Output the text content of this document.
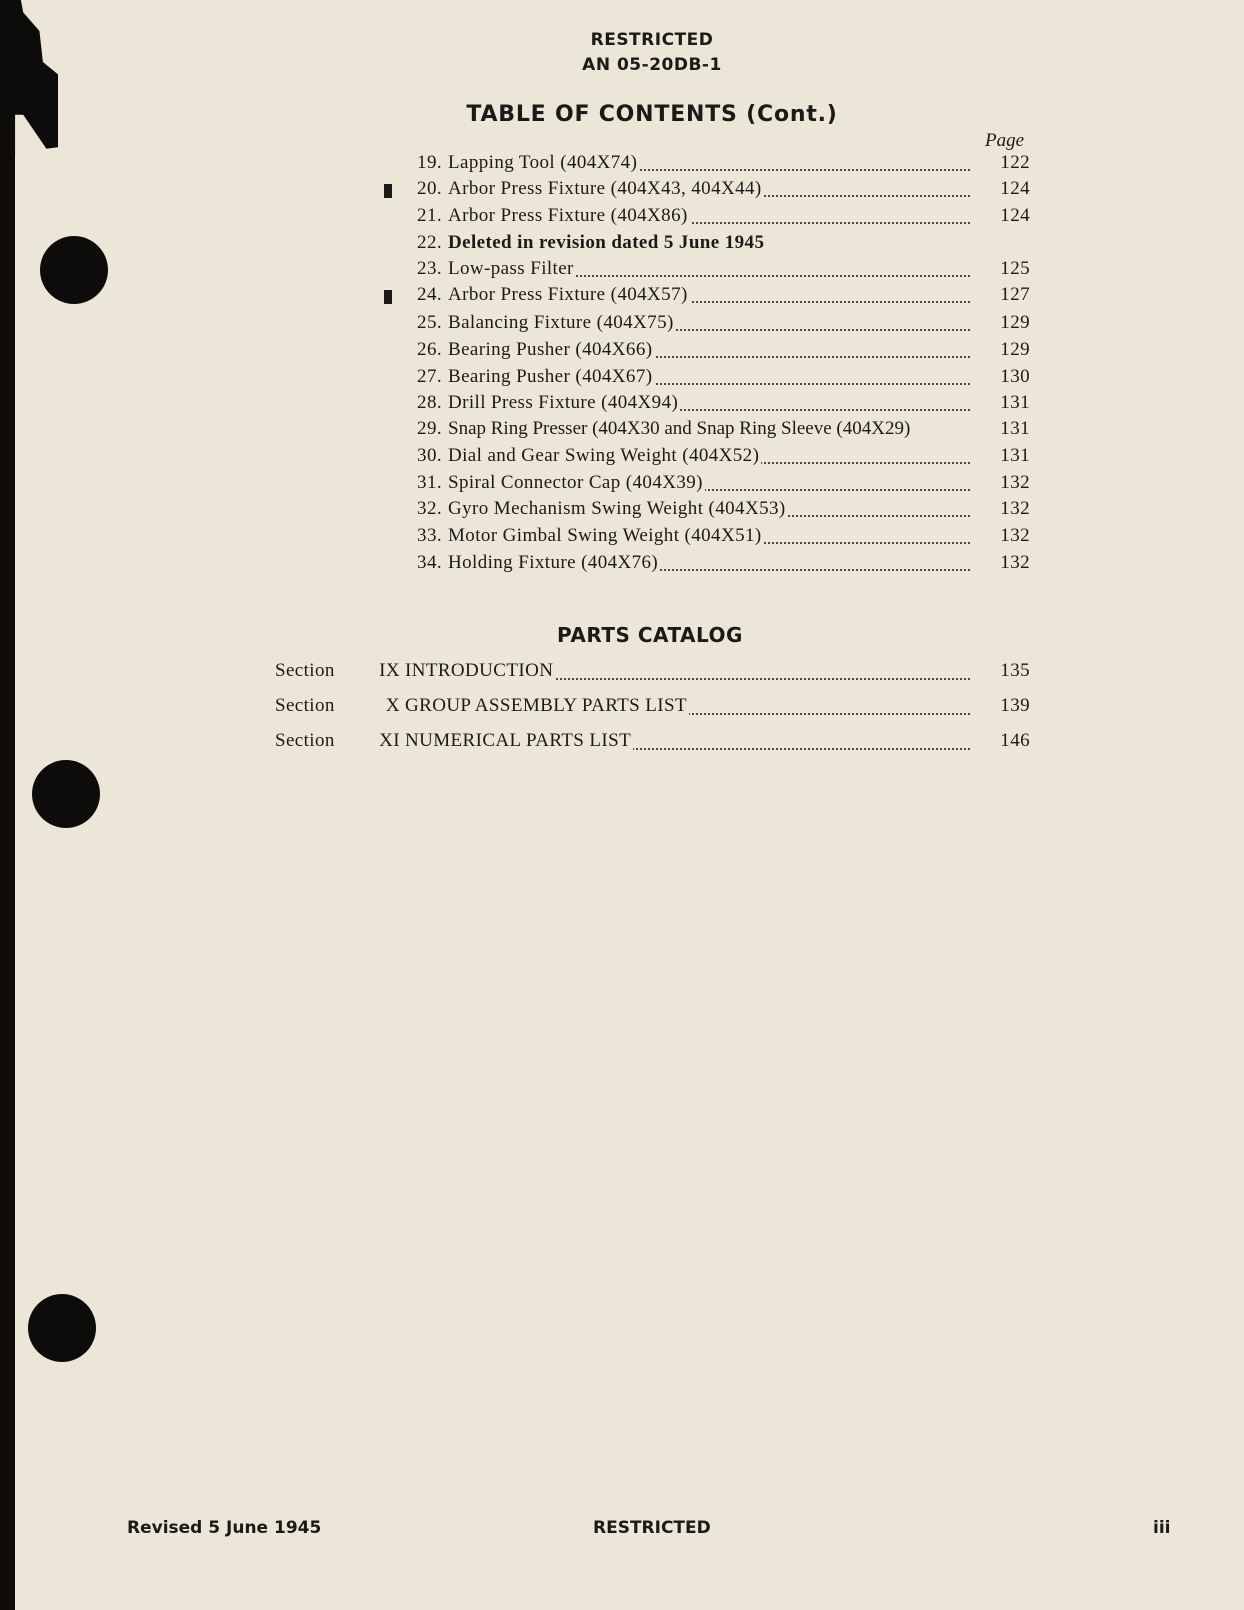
RESTRICTED
AN 05-20DB-1
TABLE OF CONTENTS (Cont.)
Page
19. Lapping Tool (404X74)	122
20. Arbor Press Fixture (404X43, 404X44)	124
21. Arbor Press Fixture (404X86)	124
22. Deleted in revision dated 5 June 1945
23. Low-pass Filter	125
24. Arbor Press Fixture (404X57)	127
25. Balancing Fixture (404X75)	129
26. Bearing Pusher (404X66)	129
27. Bearing Pusher (404X67)	130
28. Drill Press Fixture (404X94)	131
29. Snap Ring Presser (404X30 and Snap Ring Sleeve (404X29)	131
30. Dial and Gear Swing Weight (404X52)	131
31. Spiral Connector Cap (404X39)	132
32. Gyro Mechanism Swing Weight (404X53)	132
33. Motor Gimbal Swing Weight (404X51)	132
34. Holding Fixture (404X76)	132
PARTS CATALOG
Section	IX INTRODUCTION	135
Section	X GROUP ASSEMBLY PARTS LIST	139
Section	XI NUMERICAL PARTS LIST	146
Revised 5 June 1945	RESTRICTED	iii
